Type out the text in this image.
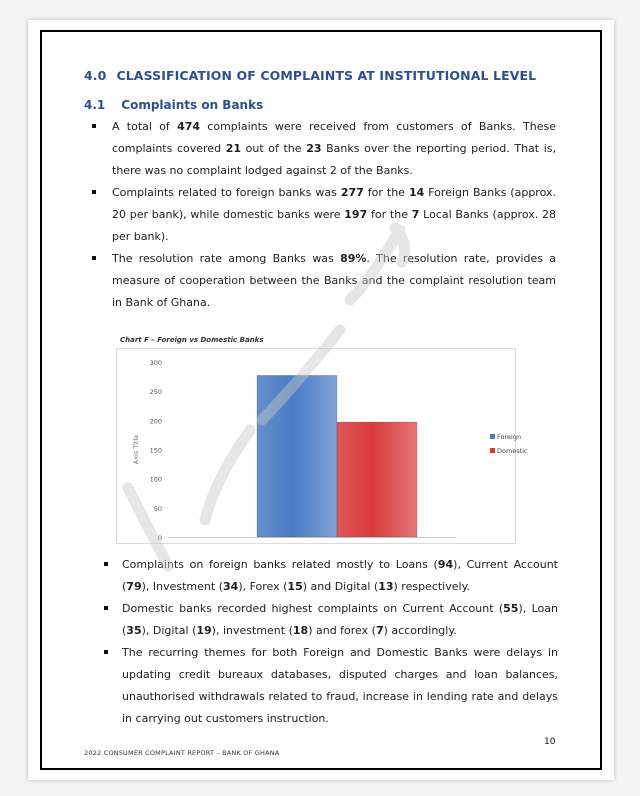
4.0 CLASSIFICATION OF COMPLAINTS AT INSTITUTIONAL LEVEL
4.1 Complaints on Banks
A total of 474 complaints were received from customers of Banks. These complaints covered 21 out of the 23 Banks over the reporting period. That is, there was no complaint lodged against 2 of the Banks.
Complaints related to foreign banks was 277 for the 14 Foreign Banks (approx. 20 per bank), while domestic banks were 197 for the 7 Local Banks (approx. 28 per bank).
The resolution rate among Banks was 89%. The resolution rate, provides a measure of cooperation between the Banks and the complaint resolution team in Bank of Ghana.
Chart F – Foreign vs Domestic Banks
0
50
100
150
200
250
300
Axis Title	Foreign
Domestic
Complaints on foreign banks related mostly to Loans (94), Current Account (79), Investment (34), Forex (15) and Digital (13) respectively.
Domestic banks recorded highest complaints on Current Account (55), Loan (35), Digital (19), investment (18) and forex (7) accordingly.
The recurring themes for both Foreign and Domestic Banks were delays in updating credit bureaux databases, disputed charges and loan balances, unauthorised withdrawals related to fraud, increase in lending rate and delays in carrying out customers instruction.
10
2022 CONSUMER COMPLAINT REPORT – BANK OF GHANA
